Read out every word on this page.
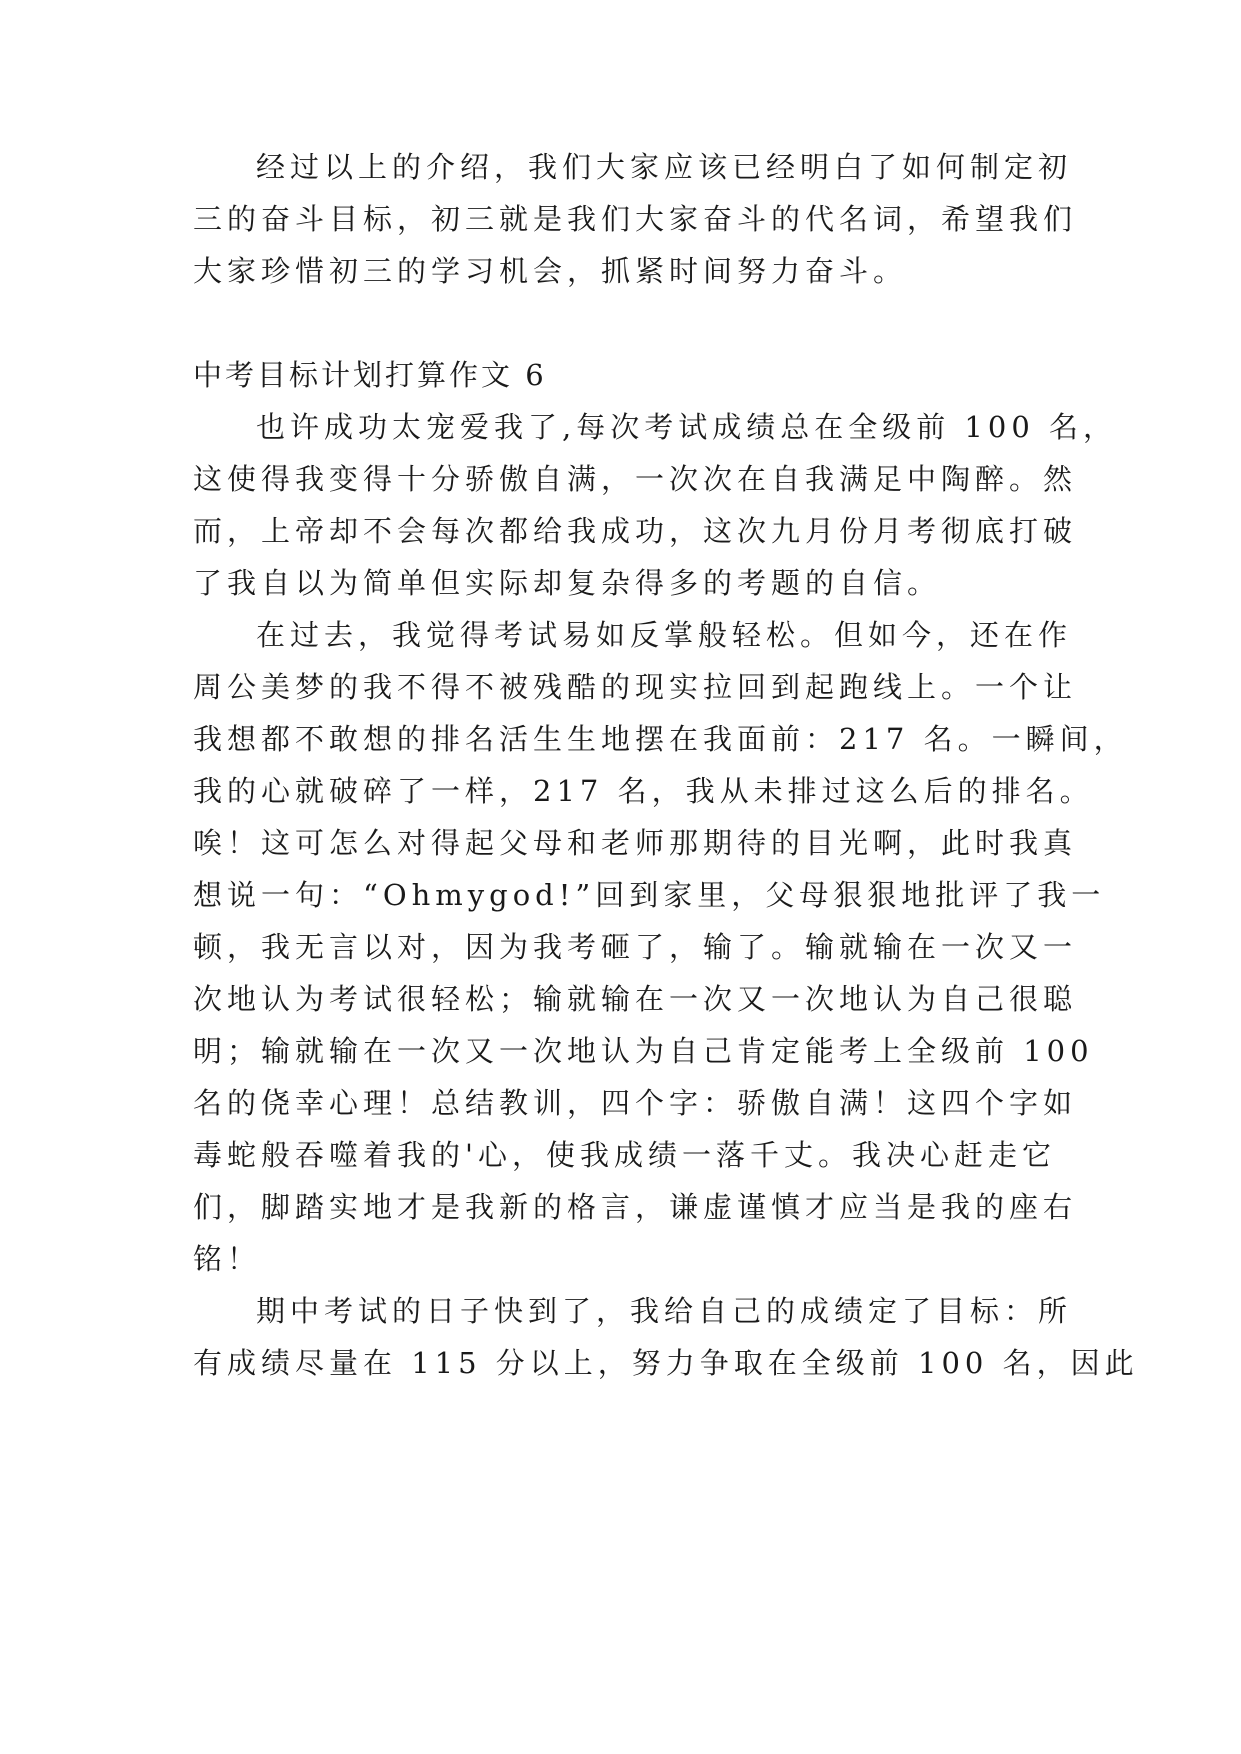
经过以上的介绍，我们大家应该已经明白了如何制定初
三的奋斗目标，初三就是我们大家奋斗的代名词，希望我们
大家珍惜初三的学习机会，抓紧时间努力奋斗。
中考目标计划打算作文 6
也许成功太宠爱我了,每次考试成绩总在全级前 100 名，
这使得我变得十分骄傲自满，一次次在自我满足中陶醉。然
而，上帝却不会每次都给我成功，这次九月份月考彻底打破
了我自以为简单但实际却复杂得多的考题的自信。
在过去，我觉得考试易如反掌般轻松。但如今，还在作
周公美梦的我不得不被残酷的现实拉回到起跑线上。一个让
我想都不敢想的排名活生生地摆在我面前：217 名。一瞬间，
我的心就破碎了一样，217 名，我从未排过这么后的排名。
唉！这可怎么对得起父母和老师那期待的目光啊，此时我真
想说一句：“Ohmygod!”回到家里，父母狠狠地批评了我一
顿，我无言以对，因为我考砸了，输了。输就输在一次又一
次地认为考试很轻松；输就输在一次又一次地认为自己很聪
明；输就输在一次又一次地认为自己肯定能考上全级前 100
名的侥幸心理！总结教训，四个字：骄傲自满！这四个字如
毒蛇般吞噬着我的'心，使我成绩一落千丈。我决心赶走它
们，脚踏实地才是我新的格言，谦虚谨慎才应当是我的座右
铭！
期中考试的日子快到了，我给自己的成绩定了目标：所
有成绩尽量在 115 分以上，努力争取在全级前 100 名，因此
